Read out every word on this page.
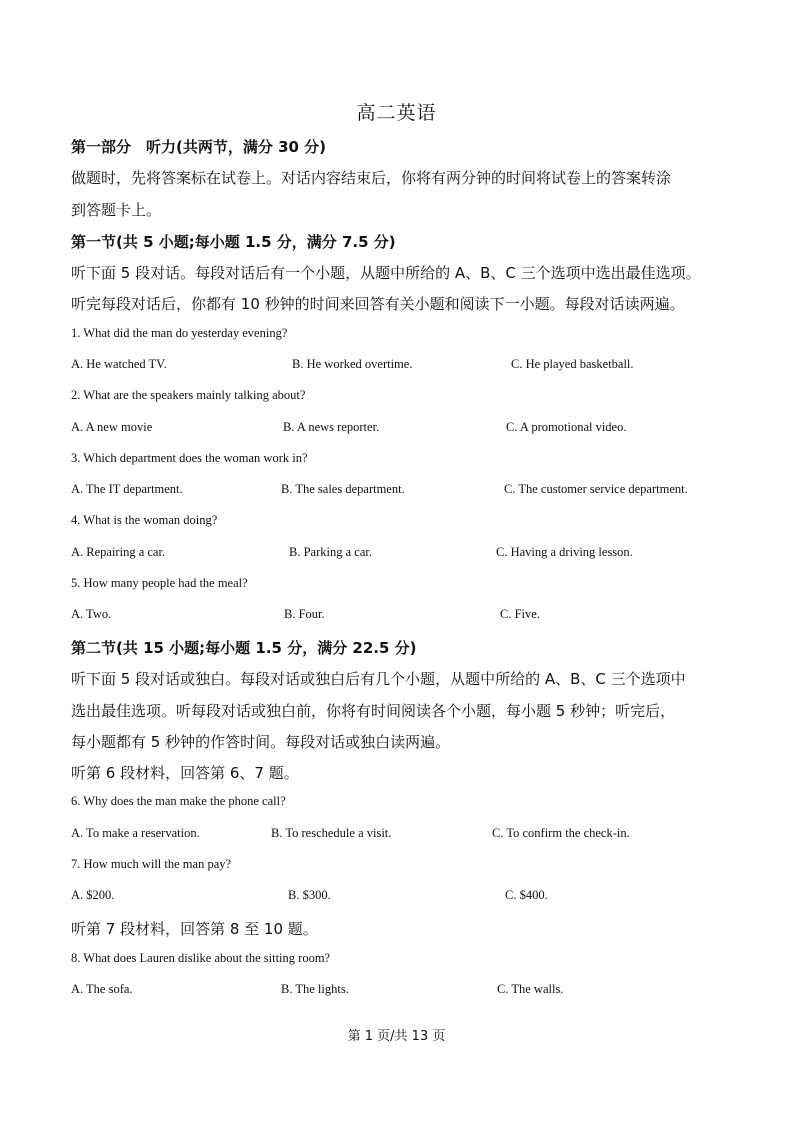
高二英语
第一部分　听力(共两节，满分 30 分)
做题时，先将答案标在试卷上。对话内容结束后，你将有两分钟的时间将试卷上的答案转涂
到答题卡上。
第一节(共 5 小题;每小题 1.5 分，满分 7.5 分)
听下面 5 段对话。每段对话后有一个小题，从题中所给的 A、B、C 三个选项中选出最佳选项。
听完每段对话后，你都有 10 秒钟的时间来回答有关小题和阅读下一小题。每段对话读两遍。
1. What did the man do yesterday evening?
A. He watched TV.	B. He worked overtime.	C. He played basketball.
2. What are the speakers mainly talking about?
A. A new movie	B. A news reporter.	C. A promotional video.
3. Which department does the woman work in?
A. The IT department.	B. The sales department.	C. The customer service department.
4. What is the woman doing?
A. Repairing a car.	B. Parking a car.	C. Having a driving lesson.
5. How many people had the meal?
A. Two.	B. Four.	C. Five.
第二节(共 15 小题;每小题 1.5 分，满分 22.5 分)
听下面 5 段对话或独白。每段对话或独白后有几个小题，从题中所给的 A、B、C 三个选项中
选出最佳选项。听每段对话或独白前，你将有时间阅读各个小题，每小题 5 秒钟；听完后，
每小题都有 5 秒钟的作答时间。每段对话或独白读两遍。
听第 6 段材料，回答第 6、7 题。
6. Why does the man make the phone call?
A. To make a reservation.	B. To reschedule a visit.	C. To confirm the check-in.
7. How much will the man pay?
A. $200.	B. $300.	C. $400.
听第 7 段材料，回答第 8 至 10 题。
8. What does Lauren dislike about the sitting room?
A. The sofa.	B. The lights.	C. The walls.
第 1 页/共 13 页
